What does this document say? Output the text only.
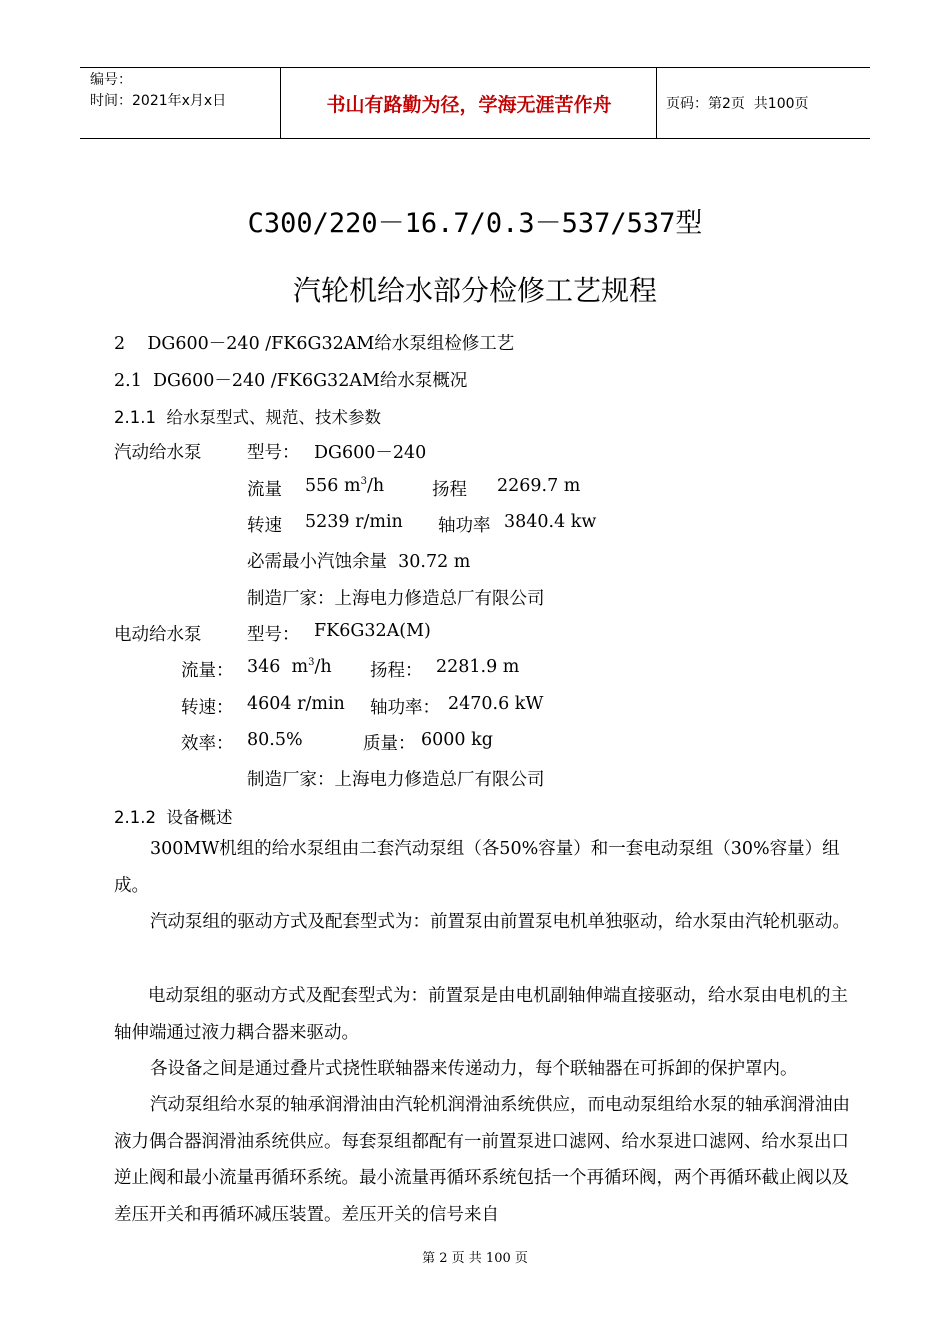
编号：
时间：2021年x月x日	书山有路勤为径，学海无涯苦作舟	页码：第2页  共100页
C300/220－16.7/0.3－537/537型
汽轮机给水部分检修工艺规程
2    DG600－240 /FK6G32AM给水泵组检修工艺
2.1  DG600－240 /FK6G32AM给水泵概况
2.1.1  给水泵型式、规范、技术参数
汽动给水泵	型号： DG600－240
流量 556 $m^3/h$	扬程 2269.7 m
转速 5239 r/min 轴功率 3840.4 kw
必需最小汽蚀余量  30.72 m
制造厂家：上海电力修造总厂有限公司
电动给水泵	型号： FK6G32A(M)
流量： 346  $m^3/h$ 扬程： 2281.9 m
转速： 4604 r/min 轴功率： 2470.6 kW
效率： 80.5%	质量： 6000 kg
制造厂家：上海电力修造总厂有限公司
2.1.2  设备概述
300MW机组的给水泵组由二套汽动泵组（各50%容量）和一套电动泵组（30%容量）组成。
汽动泵组的驱动方式及配套型式为：前置泵由前置泵电机单独驱动，给水泵由汽轮机驱动。
电动泵组的驱动方式及配套型式为：前置泵是由电机副轴伸端直接驱动，给水泵由电机的主轴伸端通过液力耦合器来驱动。
各设备之间是通过叠片式挠性联轴器来传递动力，每个联轴器在可拆卸的保护罩内。
汽动泵组给水泵的轴承润滑油由汽轮机润滑油系统供应，而电动泵组给水泵的轴承润滑油由液力偶合器润滑油系统供应。每套泵组都配有一前置泵进口滤网、给水泵进口滤网、给水泵出口逆止阀和最小流量再循环系统。最小流量再循环系统包括一个再循环阀，两个再循环截止阀以及差压开关和再循环减压装置。差压开关的信号来自
第 2 页 共 100 页
